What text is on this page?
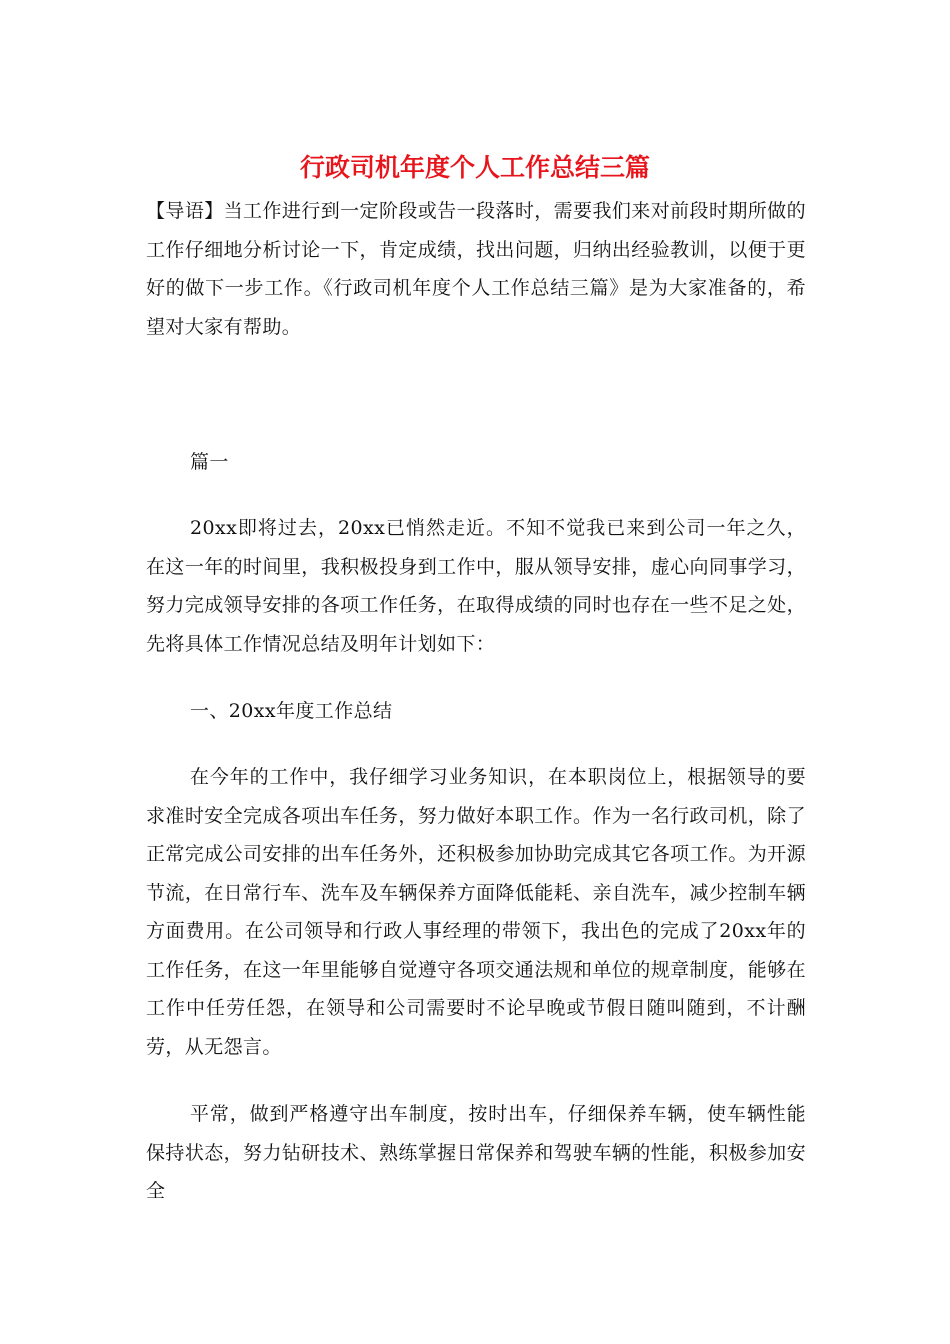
行政司机年度个人工作总结三篇

【导语】当工作进行到一定阶段或告一段落时，需要我们来对前段时期所做的工作仔细地分析讨论一下，肯定成绩，找出问题，归纳出经验教训，以便于更好的做下一步工作。《行政司机年度个人工作总结三篇》是为大家准备的，希望对大家有帮助。

篇一

20xx即将过去，20xx已悄然走近。不知不觉我已来到公司一年之久，在这一年的时间里，我积极投身到工作中，服从领导安排，虚心向同事学习，努力完成领导安排的各项工作任务，在取得成绩的同时也存在一些不足之处，先将具体工作情况总结及明年计划如下：

一、20xx年度工作总结

在今年的工作中，我仔细学习业务知识，在本职岗位上，根据领导的要求准时安全完成各项出车任务，努力做好本职工作。作为一名行政司机，除了正常完成公司安排的出车任务外，还积极参加协助完成其它各项工作。为开源节流，在日常行车、洗车及车辆保养方面降低能耗、亲自洗车，减少控制车辆方面费用。在公司领导和行政人事经理的带领下，我出色的完成了20xx年的工作任务，在这一年里能够自觉遵守各项交通法规和单位的规章制度，能够在工作中任劳任怨，在领导和公司需要时不论早晚或节假日随叫随到，不计酬劳，从无怨言。

平常，做到严格遵守出车制度，按时出车，仔细保养车辆，使车辆性能保持状态，努力钻研技术、熟练掌握日常保养和驾驶车辆的性能，积极参加安全
